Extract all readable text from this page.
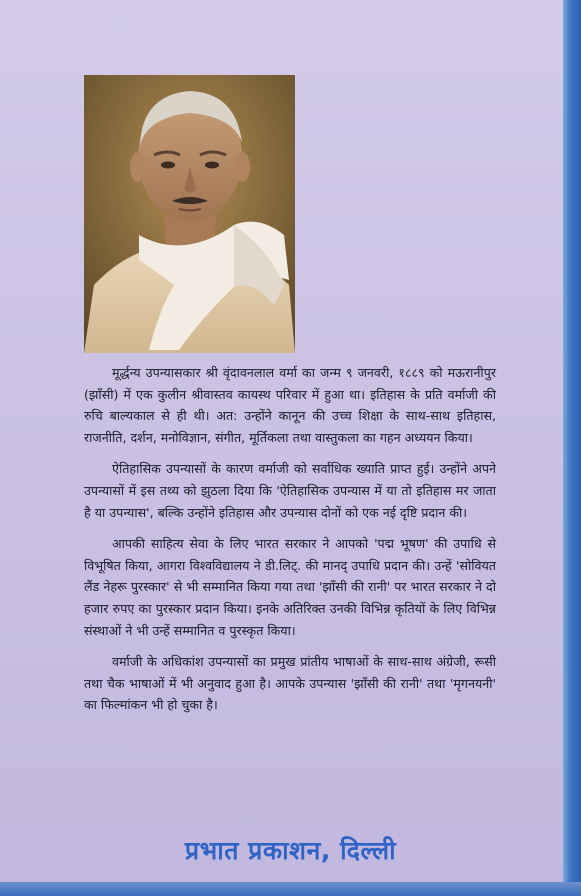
मूर्द्धन्य उपन्यासकार श्री वृंदावनलाल वर्मा का जन्म ९ जनवरी, १८८९ को मऊरानीपुर (झाँसी) में एक कुलीन श्रीवास्तव कायस्थ परिवार में हुआ था। इतिहास के प्रति वर्माजी की रुचि बाल्यकाल से ही थी। अत: उन्होंने कानून की उच्च शिक्षा के साथ-साथ इतिहास, राजनीति, दर्शन, मनोविज्ञान, संगीत, मूर्तिकला तथा वास्तुकला का गहन अध्ययन किया।

ऐतिहासिक उपन्यासों के कारण वर्माजी को सर्वाधिक ख्याति प्राप्त हुई। उन्होंने अपने उपन्यासों में इस तथ्य को झुठला दिया कि 'ऐतिहासिक उपन्यास में या तो इतिहास मर जाता है या उपन्यास', बल्कि उन्होंने इतिहास और उपन्यास दोनों को एक नई दृष्टि प्रदान की।

आपकी साहित्य सेवा के लिए भारत सरकार ने आपको 'पद्म भूषण' की उपाधि से विभूषित किया, आगरा विश्वविद्यालय ने डी.लिट्. की मानद् उपाधि प्रदान की। उन्हें 'सोवियत लैंड नेहरू पुरस्कार' से भी सम्मानित किया गया तथा 'झाँसी की रानी' पर भारत सरकार ने दो हजार रुपए का पुरस्कार प्रदान किया। इनके अतिरिक्त उनकी विभिन्न कृतियों के लिए विभिन्न संस्थाओं ने भी उन्हें सम्मानित व पुरस्कृत किया।

वर्माजी के अधिकांश उपन्यासों का प्रमुख प्रांतीय भाषाओं के साथ-साथ अंग्रेजी, रूसी तथा चैक भाषाओं में भी अनुवाद हुआ है। आपके उपन्यास 'झाँसी की रानी' तथा 'मृगनयनी' का फिल्मांकन भी हो चुका है।

प्रभात प्रकाशन, दिल्ली
